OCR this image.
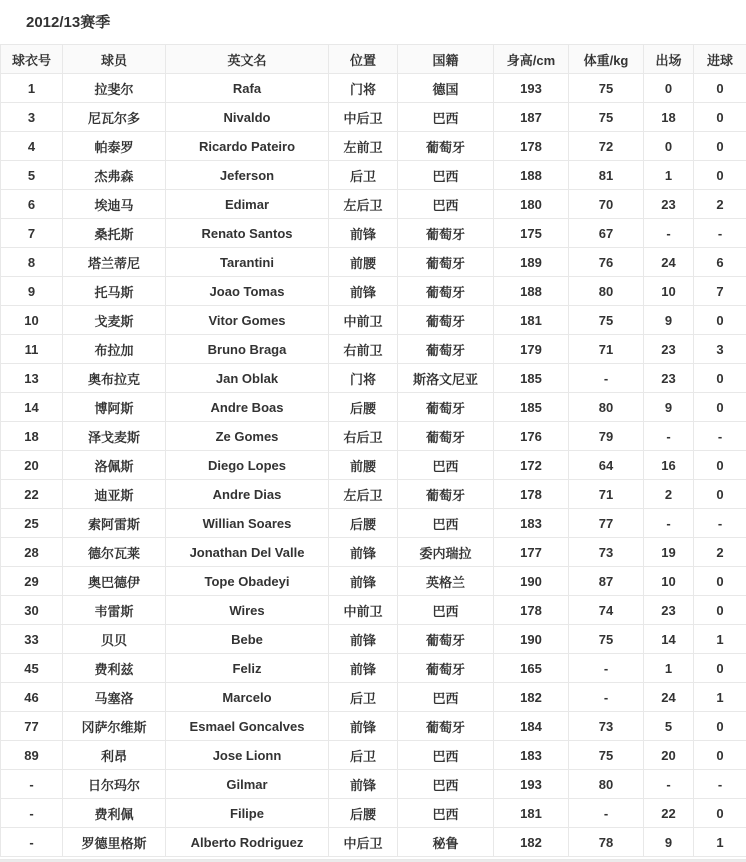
2012/13赛季
球衣号	球员	英文名	位置	国籍	身高/cm	体重/kg	出场	进球
1	拉斐尔	Rafa	门将	德国	193	75	0	0
3	尼瓦尔多	Nivaldo	中后卫	巴西	187	75	18	0
4	帕泰罗	Ricardo Pateiro	左前卫	葡萄牙	178	72	0	0
5	杰弗森	Jeferson	后卫	巴西	188	81	1	0
6	埃迪马	Edimar	左后卫	巴西	180	70	23	2
7	桑托斯	Renato Santos	前锋	葡萄牙	175	67	-	-
8	塔兰蒂尼	Tarantini	前腰	葡萄牙	189	76	24	6
9	托马斯	Joao Tomas	前锋	葡萄牙	188	80	10	7
10	戈麦斯	Vitor Gomes	中前卫	葡萄牙	181	75	9	0
11	布拉加	Bruno Braga	右前卫	葡萄牙	179	71	23	3
13	奥布拉克	Jan Oblak	门将	斯洛文尼亚	185	-	23	0
14	博阿斯	Andre Boas	后腰	葡萄牙	185	80	9	0
18	泽戈麦斯	Ze Gomes	右后卫	葡萄牙	176	79	-	-
20	洛佩斯	Diego Lopes	前腰	巴西	172	64	16	0
22	迪亚斯	Andre Dias	左后卫	葡萄牙	178	71	2	0
25	索阿雷斯	Willian Soares	后腰	巴西	183	77	-	-
28	德尔瓦莱	Jonathan Del Valle	前锋	委内瑞拉	177	73	19	2
29	奥巴德伊	Tope Obadeyi	前锋	英格兰	190	87	10	0
30	韦雷斯	Wires	中前卫	巴西	178	74	23	0
33	贝贝	Bebe	前锋	葡萄牙	190	75	14	1
45	费利兹	Feliz	前锋	葡萄牙	165	-	1	0
46	马塞洛	Marcelo	后卫	巴西	182	-	24	1
77	冈萨尔维斯	Esmael Goncalves	前锋	葡萄牙	184	73	5	0
89	利昂	Jose Lionn	后卫	巴西	183	75	20	0
-	日尔玛尔	Gilmar	前锋	巴西	193	80	-	-
-	费利佩	Filipe	后腰	巴西	181	-	22	0
-	罗德里格斯	Alberto Rodriguez	中后卫	秘鲁	182	78	9	1
